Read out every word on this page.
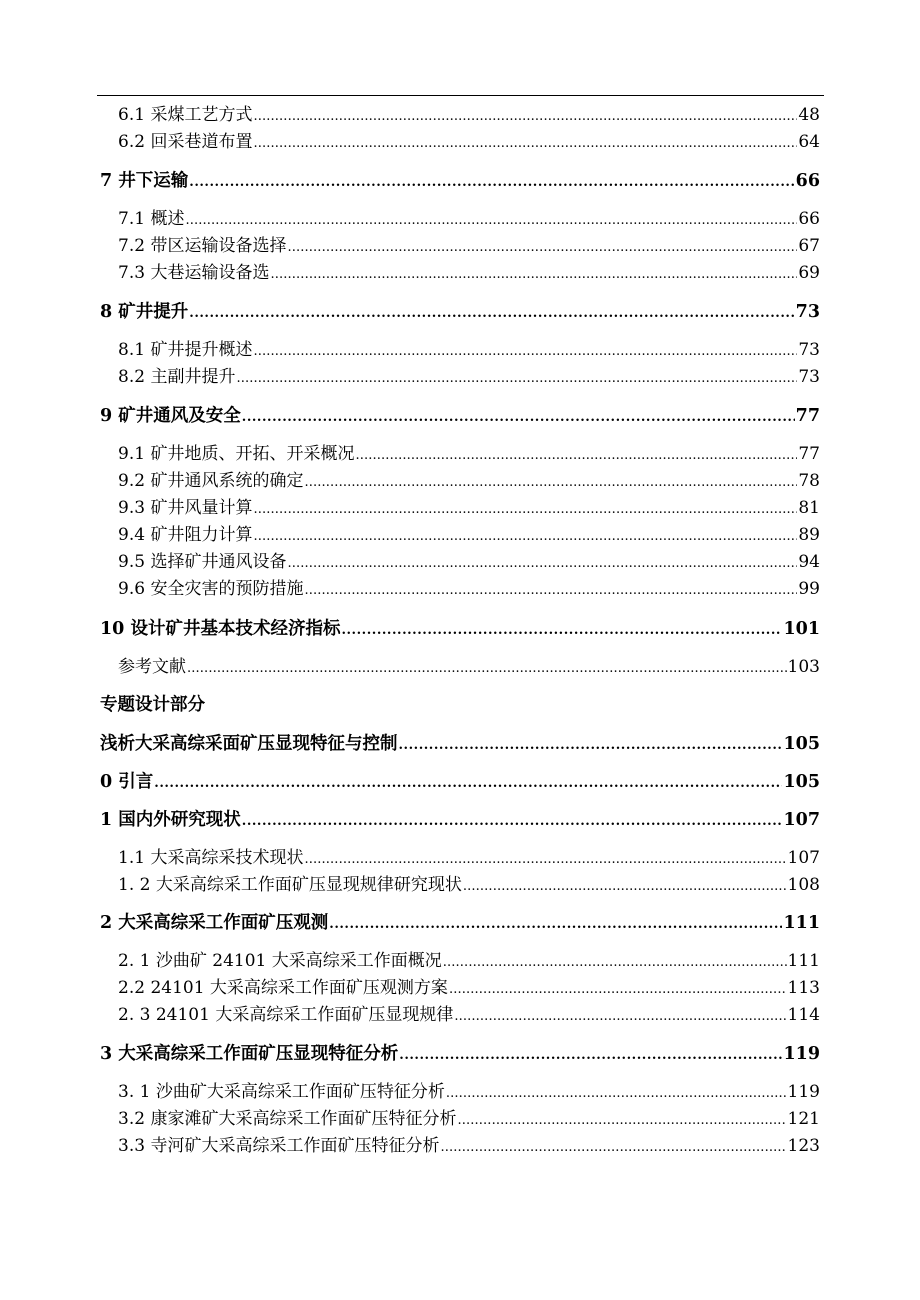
专题设计部分
6.1 采煤工艺方式 . . .	48
6.2 回采巷道布置 . . .	64
7 井下运输 . . .	66
7.1 概述 . . .	66
7.2 带区运输设备选择 . . .	67
7.3 大巷运输设备选 . . .	69
8 矿井提升 . . .	73
8.1 矿井提升概述 . . .	73
8.2 主副井提升 . . .	73
9 矿井通风及安全 . . .	77
9.1 矿井地质、开拓、开采概况 . . .	77
9.2 矿井通风系统的确定 . . .	78
9.3 矿井风量计算 . . .	81
9.4 矿井阻力计算 . . .	89
9.5 选择矿井通风设备 . . .	94
9.6 安全灾害的预防措施 . . .	99
10 设计矿井基本技术经济指标 . . .	101
参考文献 . . .	103
浅析大采高综采面矿压显现特征与控制 . . .	105
0 引言 . . .	105
1 国内外研究现状 . . .	107
1.1 大采高综采技术现状 . . .	107
1. 2 大采高综采工作面矿压显现规律研究现状 . . .	108
2 大采高综采工作面矿压观测 . . .	111
2. 1 沙曲矿 24101 大采高综采工作面概况 . . .	111
2.2 24101 大采高综采工作面矿压观测方案 . . .	113
2. 3 24101 大采高综采工作面矿压显现规律 . . .	114
3 大采高综采工作面矿压显现特征分析 . . .	119
3. 1 沙曲矿大采高综采工作面矿压特征分析 . . .	119
3.2 康家滩矿大采高综采工作面矿压特征分析 . . .	121
3.3 寺河矿大采高综采工作面矿压特征分析 . . .	123
